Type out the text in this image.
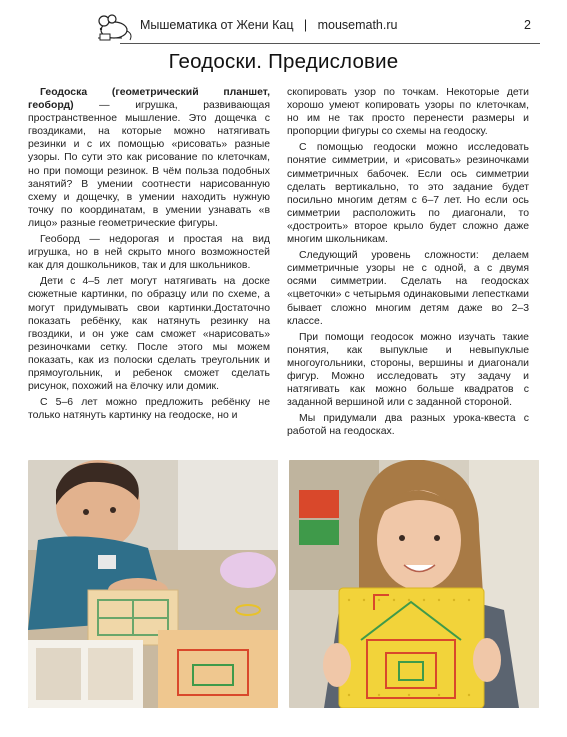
Мышематика от Жени Кац   |   mousemath.ru	2
Геодоски. Предисловие

Геодоска (геометрический планшет, геоборд) — игрушка, развивающая пространственное мышление. Это дощечка с гвоздиками, на которые можно натягивать резинки и с их помощью «рисовать» разные узоры. По сути это как рисование по клеточкам, но при помощи резинок. В чём польза подобных занятий? В умении соотнести нарисованную схему и дощечку, в умении находить нужную точку по координатам, в умении узнавать «в лицо» разные геометрические фигуры.

Геоборд — недорогая и простая на вид игрушка, но в ней скрыто много возможностей как для дошкольников, так и для школьников.

Дети с 4–5 лет могут натягивать на доске сюжетные картинки, по образцу или по схеме, а могут придумывать свои картинки.Достаточно показать ребёнку, как натянуть резинку на гвоздики, и он уже сам сможет «нарисовать» резиночками сетку. После этого мы можем показать, как из полоски сделать треугольник и прямоугольник, и ребенок сможет сделать рисунок, похожий на ёлочку или домик.

С 5–6 лет можно предложить ребёнку не только натянуть картинку на геодоске, но и

скопировать узор по точкам. Некоторые дети хорошо умеют копировать узоры по клеточкам, но им не так просто перенести размеры и пропорции фигуры со схемы на геодоску.

С помощью геодоски можно исследовать понятие симметрии, и «рисовать» резиночками симметричных бабочек. Если ось симметрии сделать вертикально, то это задание будет посильно многим детям с 6–7 лет. Но если ось симметрии расположить по диагонали, то «достроить» второе крыло будет сложно даже многим школьникам.

Следующий уровень сложности: делаем симметричные узоры не с одной, а с двумя осями симметрии. Сделать на геодосках «цветочки» с четырьмя одинаковыми лепестками бывает сложно многим детям даже во 2–3 классе.

При помощи геодосок можно изучать такие понятия, как выпуклые и невыпуклые многоугольники, стороны, вершины и диагонали фигур. Можно исследовать эту задачу и натягивать как можно больше квадратов с заданной вершиной или с заданной стороной.

Мы придумали два разных урока-квеста с работой на геодосках.
